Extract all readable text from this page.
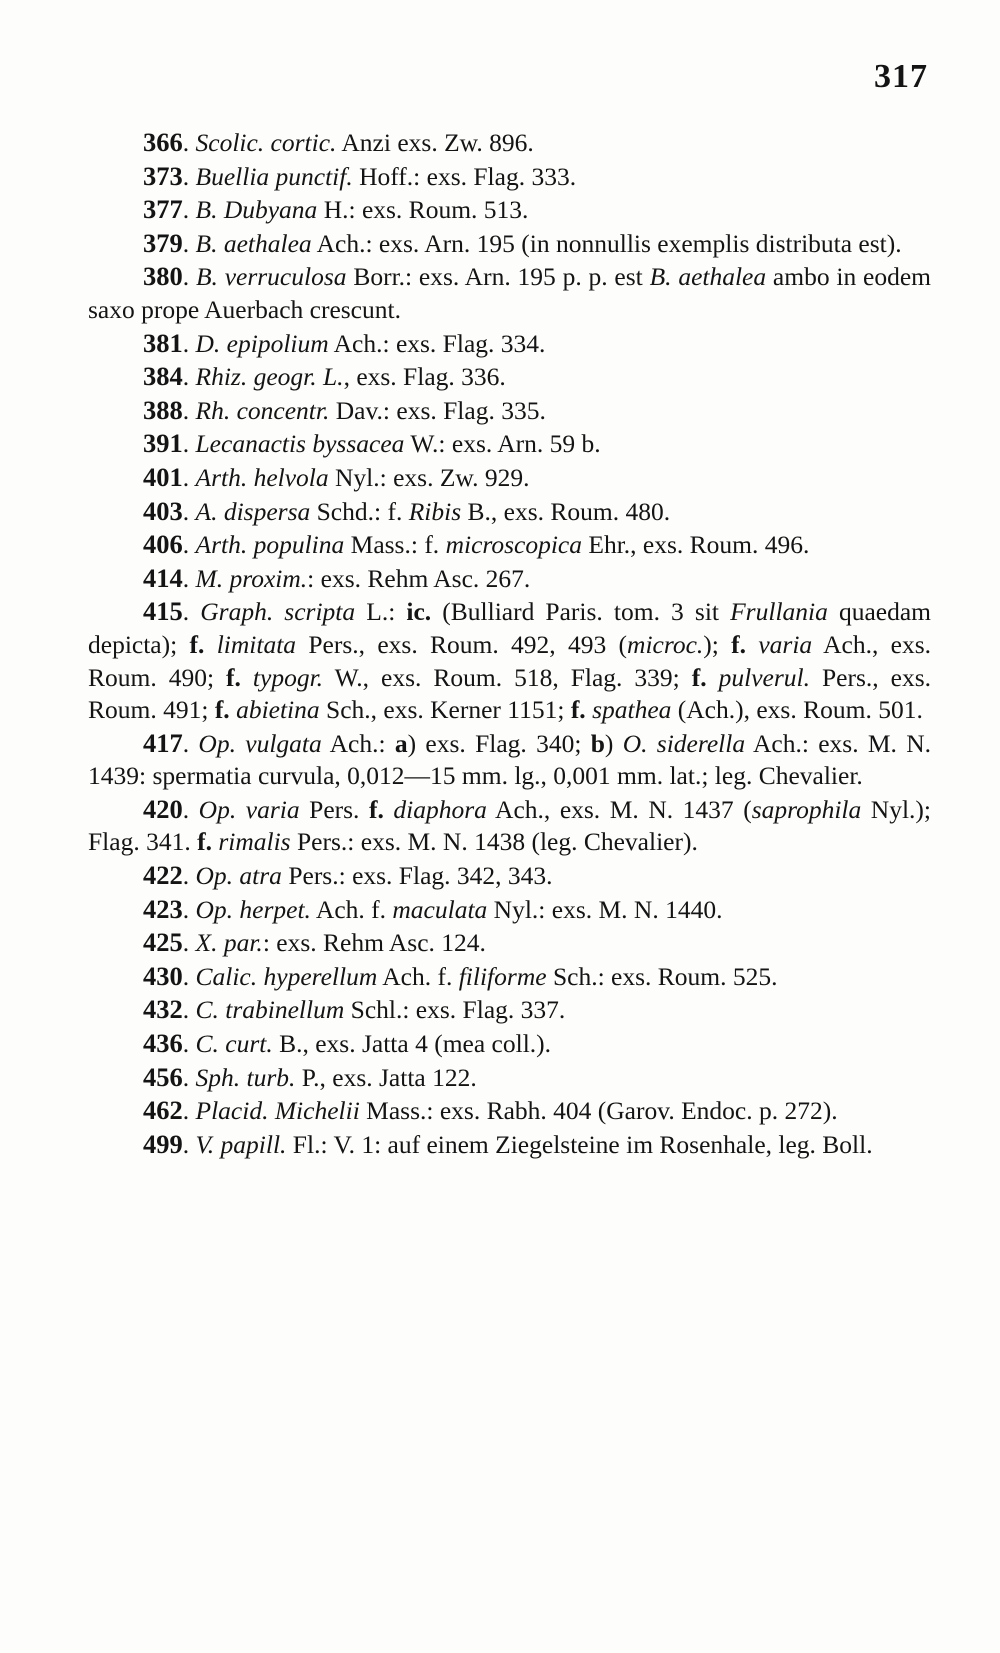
317

366. Scolic. cortic. Anzi exs. Zw. 896.

373. Buellia punctif. Hoff.: exs. Flag. 333.

377. B. Dubyana H.: exs. Roum. 513.

379. B. aethalea Ach.: exs. Arn. 195 (in nonnullis exemplis distributa est).

380. B. verruculosa Borr.: exs. Arn. 195 p. p. est B. aethalea ambo in eodem saxo prope Auerbach crescunt.

381. D. epipolium Ach.: exs. Flag. 334.

384. Rhiz. geogr. L., exs. Flag. 336.

388. Rh. concentr. Dav.: exs. Flag. 335.

391. Lecanactis byssacea W.: exs. Arn. 59 b.

401. Arth. helvola Nyl.: exs. Zw. 929.

403. A. dispersa Schd.: f. Ribis B., exs. Roum. 480.

406. Arth. populina Mass.: f. microscopica Ehr., exs. Roum. 496.

414. M. proxim.: exs. Rehm Asc. 267.

415. Graph. scripta L.: ic. (Bulliard Paris. tom. 3 sit Frullania quaedam depicta); f. limitata Pers., exs. Roum. 492, 493 (microc.); f. varia Ach., exs. Roum. 490; f. typogr. W., exs. Roum. 518, Flag. 339; f. pulverul. Pers., exs. Roum. 491; f. abietina Sch., exs. Kerner 1151; f. spathea (Ach.), exs. Roum. 501.

417. Op. vulgata Ach.: a) exs. Flag. 340; b) O. siderella Ach.: exs. M. N. 1439: spermatia curvula, 0,012—15 mm. lg., 0,001 mm. lat.; leg. Chevalier.

420. Op. varia Pers. f. diaphora Ach., exs. M. N. 1437 (saprophila Nyl.); Flag. 341. f. rimalis Pers.: exs. M. N. 1438 (leg. Chevalier).

422. Op. atra Pers.: exs. Flag. 342, 343.

423. Op. herpet. Ach. f. maculata Nyl.: exs. M. N. 1440.

425. X. par.: exs. Rehm Asc. 124.

430. Calic. hyperellum Ach. f. filiforme Sch.: exs. Roum. 525.

432. C. trabinellum Schl.: exs. Flag. 337.

436. C. curt. B., exs. Jatta 4 (mea coll.).

456. Sph. turb. P., exs. Jatta 122.

462. Placid. Michelii Mass.: exs. Rabh. 404 (Garov. Endoc. p. 272).

499. V. papill. Fl.: V. 1: auf einem Ziegelsteine im Rosenhale, leg. Boll.
